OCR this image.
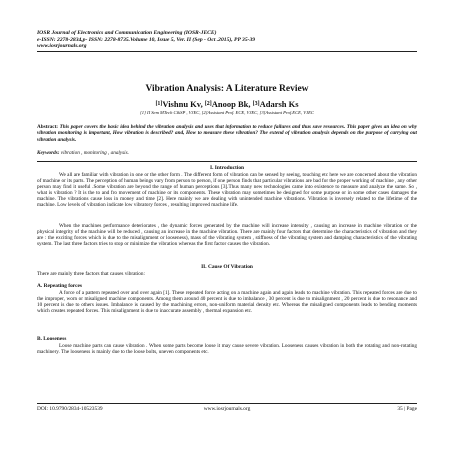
IOSR Journal of Electronics and Communication Engineering (IOSR-JECE)
e-ISSN: 2278-2834,p- ISSN: 2278-8735.Volume 10, Issue 5, Ver. II (Sep - Oct .2015), PP 35-39
www.iosrjournals.org
Vibration Analysis: A Literature Review
[1]Vishnu Kv, [2]Anoop Bk, [3]Adarsh Ks
[1] II Sem MTech C&SP , VJEC, [2]Assistant Prof. ECE, VJEC, [3]Assistant Prof.ECE, VJEC
Abstract: This paper covers the basic idea behind the vibration analysis and uses that information to reduce failures and thus save resources. This paper gives an idea on why vibration monitoring is important, How vibration is described? and, How to measure these vibration? The extend of vibration analysis depends on the purpose of carrying out vibration analysis.
Keywords: vibration , monitoring , analysis.
I. Introduction
We all are familiar with vibration in one or the other form . The different form of vibration can be sensed by seeing, touching etc here we are concerned about the vibration of machine or its parts. The perception of human beings vary from person to person, if one person finds that particular vibrations are bad for the proper working of machine , any other person may find it useful .Some vibration are beyond the range of human perceptions [3].Thus many new technologies came into existence to measure and analyze the same. So , what is vibration ? It is the to and fro movement of machine or its components. These vibration may sometimes be designed for some purpose or in some other cases damages the machine. The vibrations cause loss in money and time [2]. Here mainly we are dealing with unintended machine vibrations. Vibration is inversely related to the lifetime of the machine. Low levels of vibration indicate low vibratory forces , resulting improved machine life.
When the machines performance deteriorates , the dynamic forces generated by the machine will increase intensity , causing an increase in machine vibration or the physical integrity of the machine will be reduced , causing an increase in the machine vibration. There are mainly four factors that determine the characteristics of vibration and they are : the exciting forces which is due to the misalignment or looseness), mass of the vibrating system , stiffness of the vibrating system and damping characteristics of the vibrating system. The last three factors tries to stop or minimize the vibration whereas the first factor causes the vibration.
II. Cause Of Vibration
There are mainly three factors that causes vibration:
A. Repeating forces
A force of a pattern repeated over and over again [1]. These repeated force acting on a machine again and again leads to machine vibration. This repeated forces are due to the improper, worn or misaligned machine components. Among them around 40 percent is due to imbalance , 30 percent is due to misalignment , 20 percent is due to resonance and 10 percent is due to others issues. Imbalance is caused by the machining errors, non-uniform material density etc. Whereas the misaligned components leads to bending moments which creates repeated forces. This misalignment is due to inaccurate assembly , thermal expansion etc.
B. Looseness
Loose machine parts can cause vibration . When some parts become loose it may cause severe vibration. Looseness causes vibration in both the rotating and non-rotating machinery. The looseness is mainly due to the loose bolts, uneven components etc.
DOI: 10.9790/2834-10523539	www.iosrjournals.org	35 | Page
